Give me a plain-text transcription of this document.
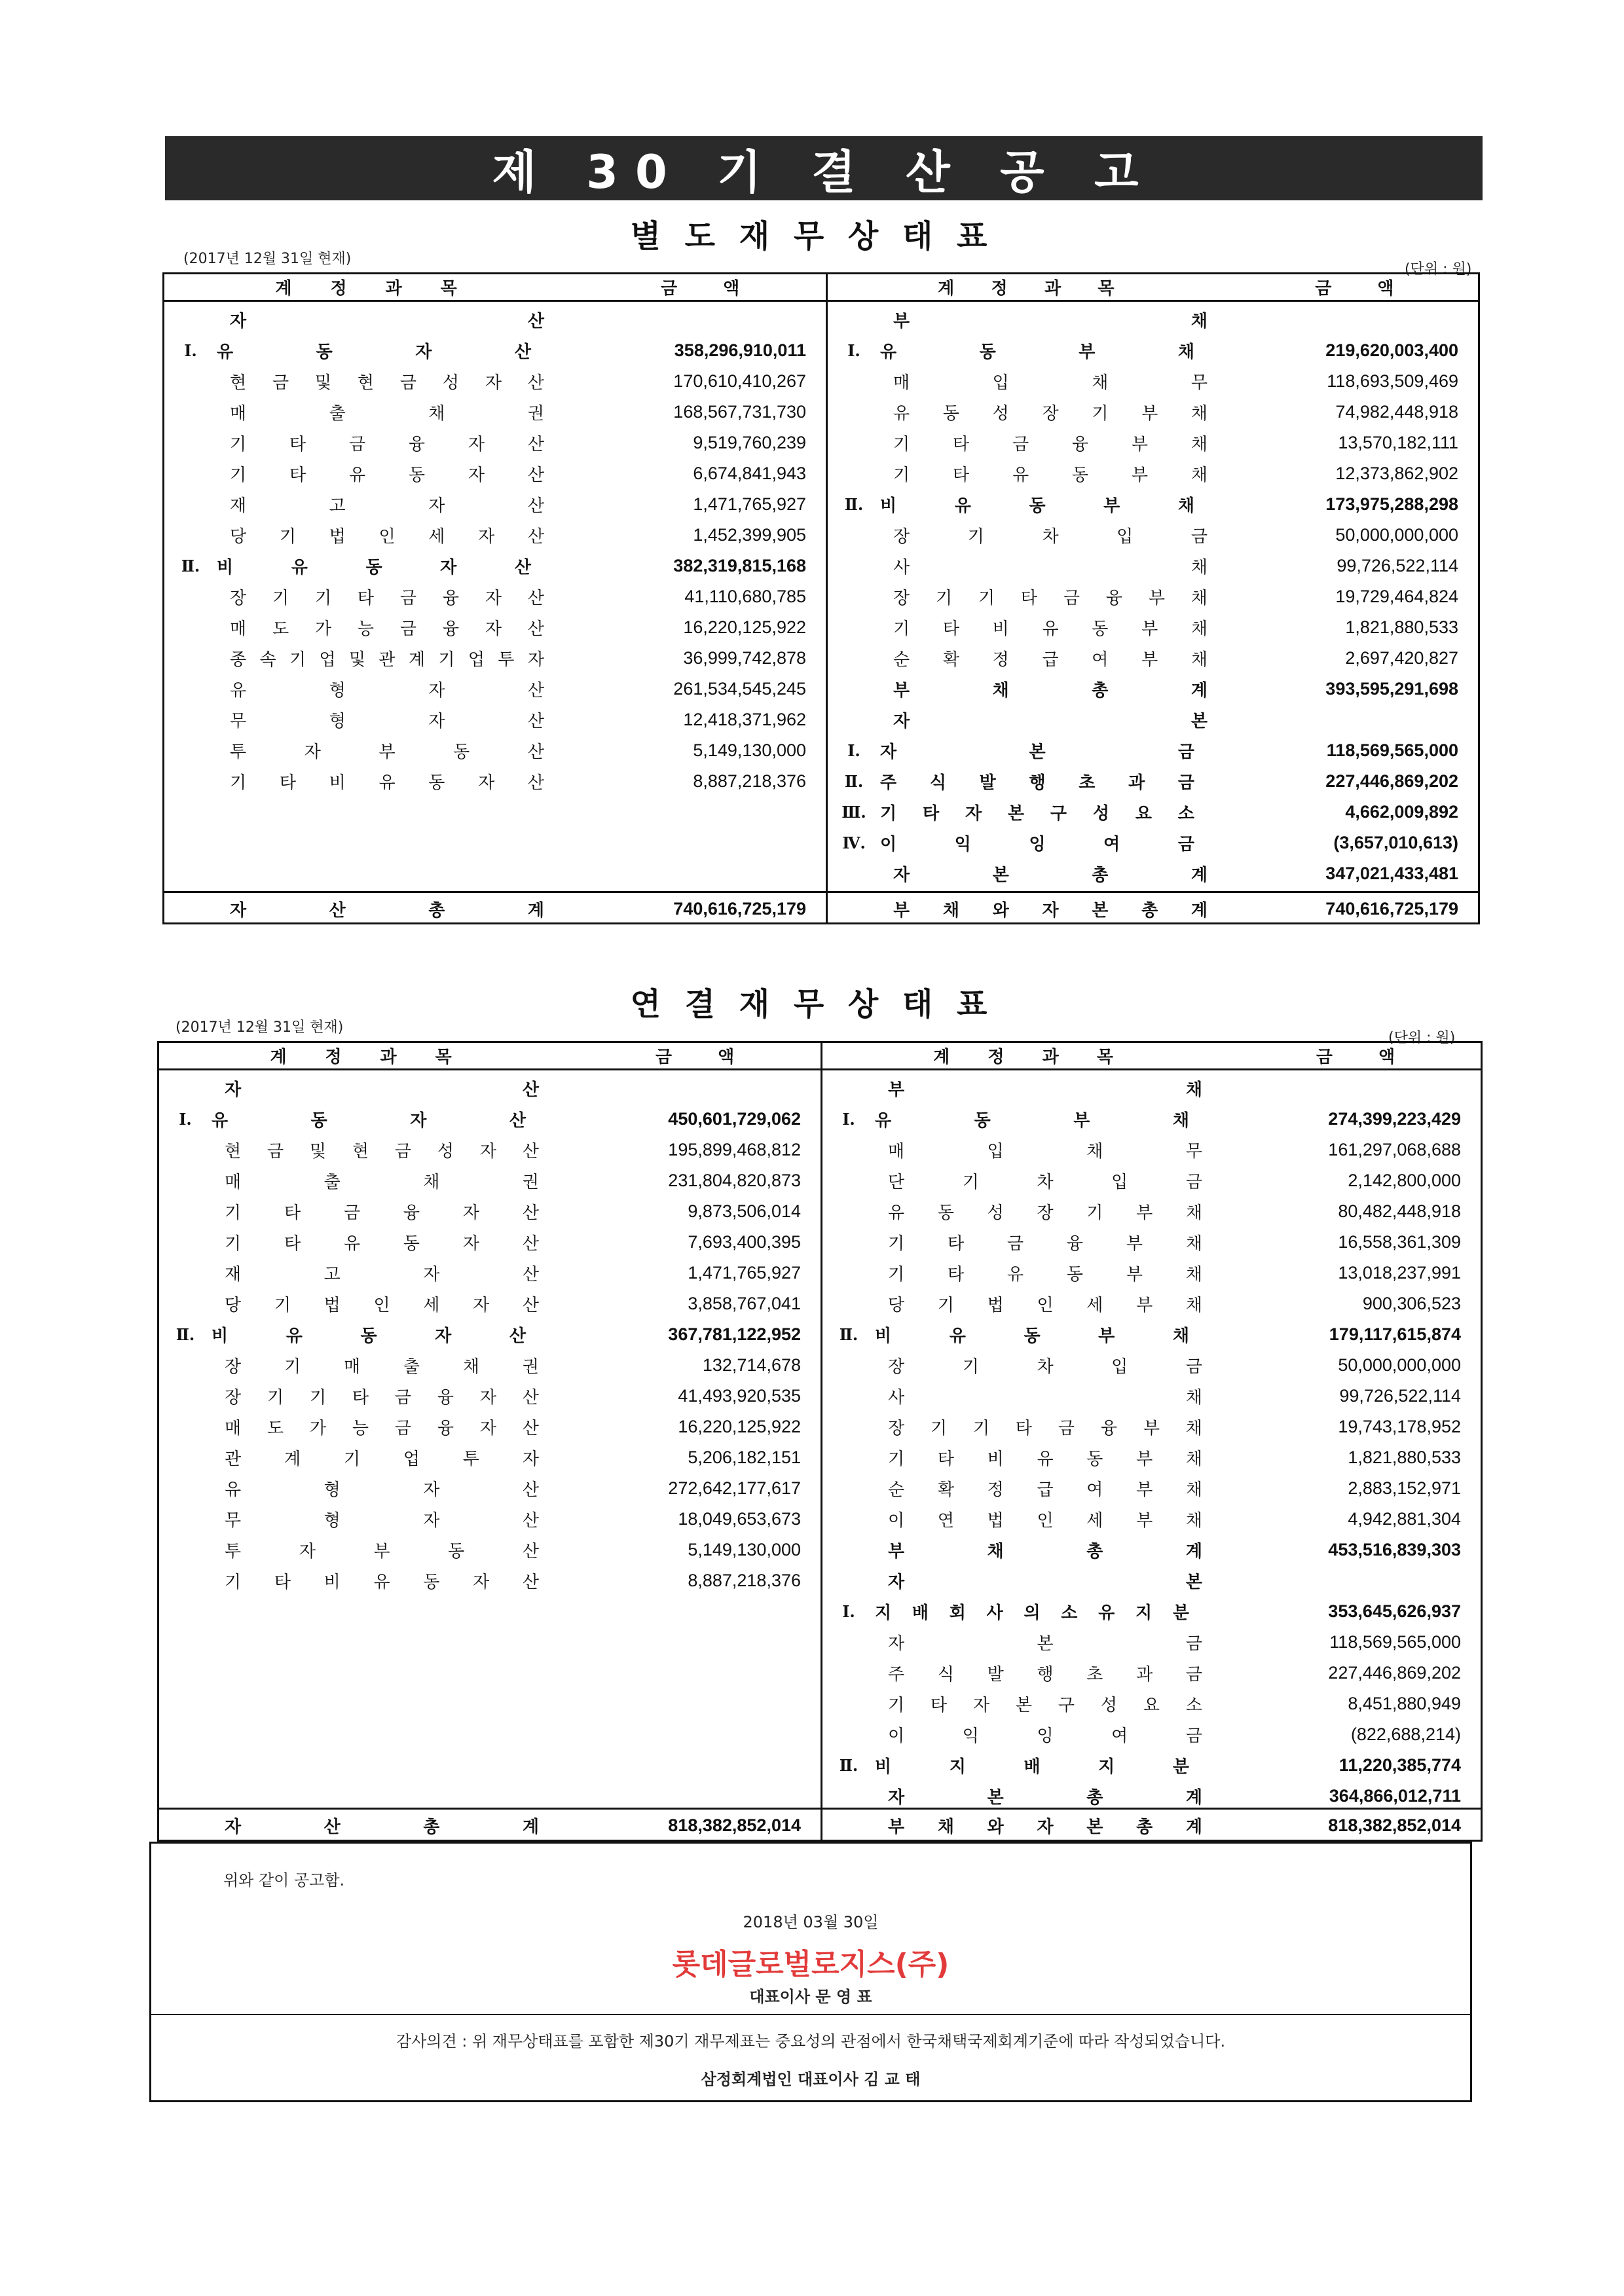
제 30 기 결 산 공 고
별 도 재 무 상 태 표
(2017년 12월 31일 현재)
(단위 : 원)
계 정 과 목	금	액
자	산
Ⅰ.	유	동	자	산	358,296,910,011
현 금 및 현 금 성 자 산	170,610,410,267
매	출	채	권	168,567,731,730
기	타	금	융	자	산	9,519,760,239
기	타	유	동	자	산	6,674,841,943
재	고	자	산	1,471,765,927
당 기 법 인 세 자 산	1,452,399,905
Ⅱ. 비	유	동	자	산	382,319,815,168
장 기 기 타 금 융 자 산	41,110,680,785
매 도 가 능 금 융 자 산	16,220,125,922
종 속 기 업 및 관 계 기 업 투 자	36,999,742,878
유	형	자	산	261,534,545,245
무	형	자	산	12,418,371,962
투	자	부	동	산	5,149,130,000
기 타 비 유 동 자 산	8,887,218,376
자	산	총	계	740,616,725,179
계 정 과 목	금	액
부	채
Ⅰ.	유	동	부	채	219,620,003,400
매	입	채	무	118,693,509,469
유 동 성 장 기 부 채	74,982,448,918
기	타	금	융	부	채	13,570,182,111
기	타	유	동	부	채	12,373,862,902
Ⅱ. 비	유	동	부	채	173,975,288,298
장	기	차	입	금	50,000,000,000
사	채	99,726,522,114
장 기 기 타 금 융 부 채	19,729,464,824
기 타 비 유 동 부 채	1,821,880,533
순 확 정 급 여 부 채	2,697,420,827
부	채	총	계	393,595,291,698
자	본
Ⅰ.	자	본	금	118,569,565,000
Ⅱ. 주 식 발 행 초 과 금	227,446,869,202
Ⅲ. 기 타 자 본 구 성 요 소	4,662,009,892
Ⅳ. 이	익	잉	여	금	(3,657,010,613)
자	본	총	계	347,021,433,481
부 채 와 자 본 총 계	740,616,725,179
연 결 재 무 상 태 표
(2017년 12월 31일 현재)
(단위 : 원)
계 정 과 목	금	액
자	산
Ⅰ.	유	동	자	산	450,601,729,062
현 금 및 현 금 성 자 산	195,899,468,812
매	출	채	권	231,804,820,873
기	타	금	융	자	산	9,873,506,014
기	타	유	동	자	산	7,693,400,395
재	고	자	산	1,471,765,927
당 기 법 인 세 자 산	3,858,767,041
Ⅱ. 비	유	동	자	산	367,781,122,952
장	기	매	출	채	권	132,714,678
장 기 기 타 금 융 자 산	41,493,920,535
매 도 가 능 금 융 자 산	16,220,125,922
관	계	기	업	투	자	5,206,182,151
유	형	자	산	272,642,177,617
무	형	자	산	18,049,653,673
투	자	부	동	산	5,149,130,000
기 타 비 유 동 자 산	8,887,218,376
자	산	총	계	818,382,852,014
계 정 과 목	금	액
부	채
Ⅰ.	유	동	부	채	274,399,223,429
매	입	채	무	161,297,068,688
단	기	차	입	금	2,142,800,000
유 동 성 장 기 부 채	80,482,448,918
기	타	금	융	부	채	16,558,361,309
기	타	유	동	부	채	13,018,237,991
당 기 법 인 세 부 채	900,306,523
Ⅱ. 비	유	동	부	채	179,117,615,874
장	기	차	입	금	50,000,000,000
사	채	99,726,522,114
장 기 기 타 금 융 부 채	19,743,178,952
기 타 비 유 동 부 채	1,821,880,533
순 확 정 급 여 부 채	2,883,152,971
이 연 법 인 세 부 채	4,942,881,304
부	채	총	계	453,516,839,303
자	본
Ⅰ.	지 배 회 사 의 소 유 지 분	353,645,626,937
자	본	금	118,569,565,000
주 식 발 행 초 과 금	227,446,869,202
기 타 자 본 구 성 요 소	8,451,880,949
이	익	잉	여	금	(822,688,214)
Ⅱ. 비	지	배	지	분	11,220,385,774
자	본	총	계	364,866,012,711
부 채 와 자 본 총 계	818,382,852,014
위와 같이 공고함.
2018년 03월 30일
롯데글로벌로지스(주)
대표이사 문 영 표
감사의견 : 위 재무상태표를 포함한 제30기 재무제표는 중요성의 관점에서 한국채택국제회계기준에 따라 작성되었습니다.
삼정회계법인 대표이사 김 교 태
